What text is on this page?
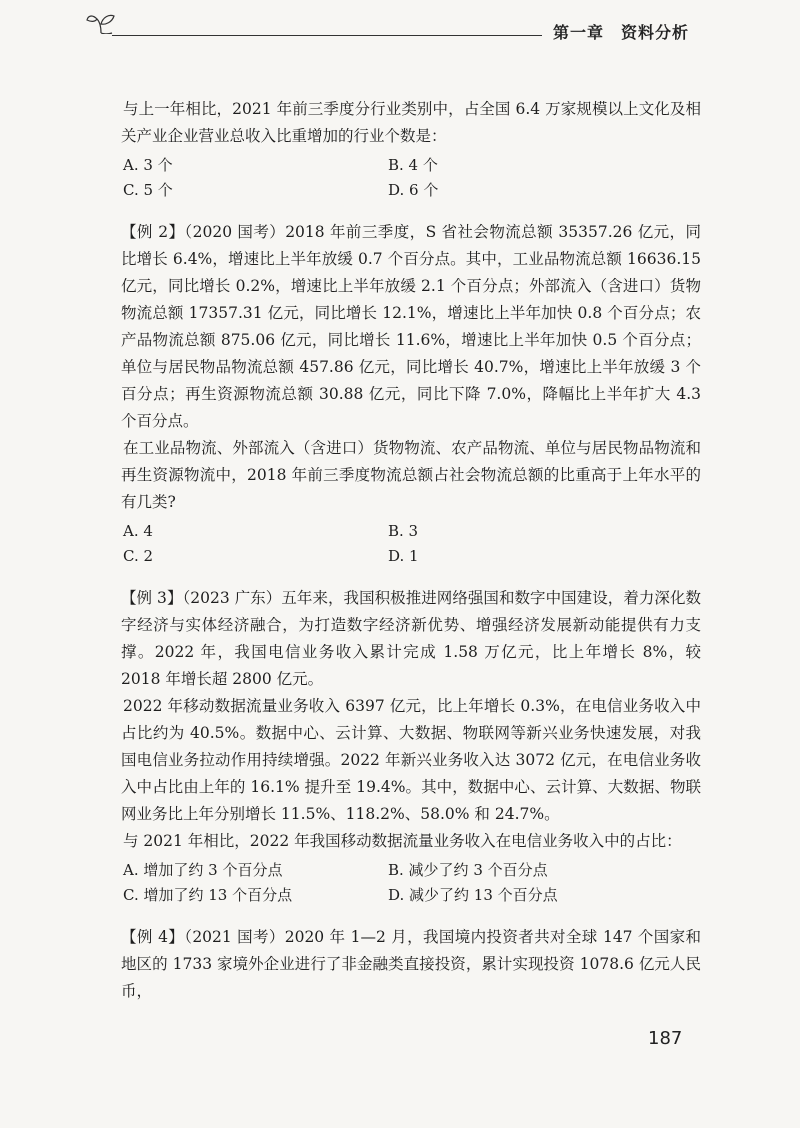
第一章　资料分析

与上一年相比，2021 年前三季度分行业类别中，占全国 6.4 万家规模以上文化及相关产业企业营业总收入比重增加的行业个数是：

A. 3 个	B. 4 个
C. 5 个	D. 6 个

【例 2】（2020 国考）2018 年前三季度，S 省社会物流总额 35357.26 亿元，同比增长 6.4%，增速比上半年放缓 0.7 个百分点。其中，工业品物流总额 16636.15 亿元，同比增长 0.2%，增速比上半年放缓 2.1 个百分点；外部流入（含进口）货物物流总额 17357.31 亿元，同比增长 12.1%，增速比上半年加快 0.8 个百分点；农产品物流总额 875.06 亿元，同比增长 11.6%，增速比上半年加快 0.5 个百分点；单位与居民物品物流总额 457.86 亿元，同比增长 40.7%，增速比上半年放缓 3 个百分点；再生资源物流总额 30.88 亿元，同比下降 7.0%，降幅比上半年扩大 4.3 个百分点。

在工业品物流、外部流入（含进口）货物物流、农产品物流、单位与居民物品物流和再生资源物流中，2018 年前三季度物流总额占社会物流总额的比重高于上年水平的有几类?

A. 4	B. 3
C. 2	D. 1

【例 3】（2023 广东）五年来，我国积极推进网络强国和数字中国建设，着力深化数字经济与实体经济融合，为打造数字经济新优势、增强经济发展新动能提供有力支撑。2022 年，我国电信业务收入累计完成 1.58 万亿元，比上年增长 8%，较 2018 年增长超 2800 亿元。

2022 年移动数据流量业务收入 6397 亿元，比上年增长 0.3%，在电信业务收入中占比约为 40.5%。数据中心、云计算、大数据、物联网等新兴业务快速发展，对我国电信业务拉动作用持续增强。2022 年新兴业务收入达 3072 亿元，在电信业务收入中占比由上年的 16.1% 提升至 19.4%。其中，数据中心、云计算、大数据、物联网业务比上年分别增长 11.5%、118.2%、58.0% 和 24.7%。

与 2021 年相比，2022 年我国移动数据流量业务收入在电信业务收入中的占比：

A. 增加了约 3 个百分点	B. 减少了约 3 个百分点
C. 增加了约 13 个百分点	D. 减少了约 13 个百分点

【例 4】（2021 国考）2020 年 1—2 月，我国境内投资者共对全球 147 个国家和地区的 1733 家境外企业进行了非金融类直接投资，累计实现投资 1078.6 亿元人民币，

187
